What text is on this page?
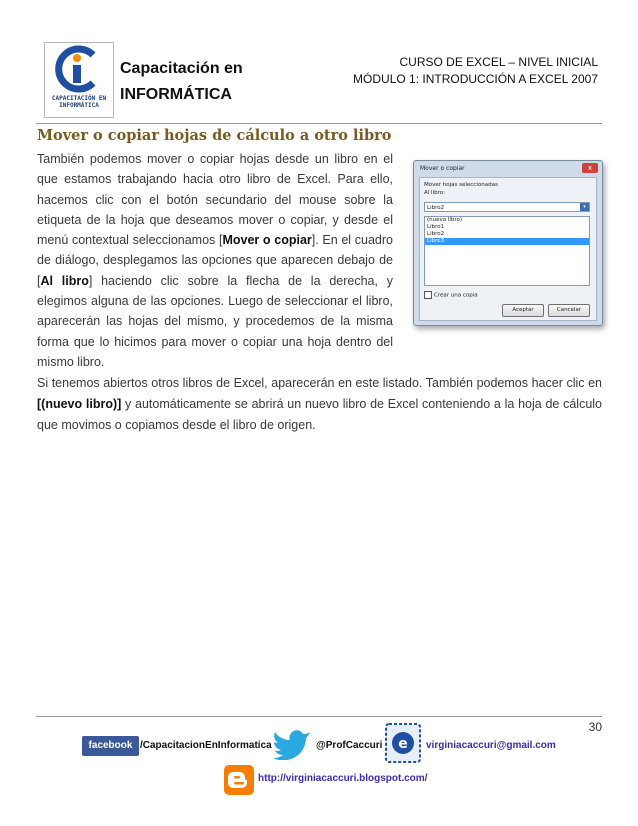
CAPACITACIÓN EN INFORMÁTICA
Capacitación en
INFORMÁTICA
CURSO DE EXCEL – NIVEL INICIAL
MÓDULO 1: INTRODUCCIÓN A EXCEL 2007
Mover o copiar hojas de cálculo a otro libro
También podemos mover o copiar hojas desde un libro en el que estamos trabajando hacia otro libro de Excel. Para ello, hacemos clic con el botón secundario del mouse sobre la etiqueta de la hoja que deseamos mover o copiar, y desde el menú contextual seleccionamos [Mover o copiar]. En el cuadro de diálogo, desplegamos las opciones que aparecen debajo de [Al libro] haciendo clic sobre la flecha de la derecha, y elegimos alguna de las opciones. Luego de seleccionar el libro, aparecerán las hojas del mismo, y procedemos de la misma forma que lo hicimos para mover o copiar una hoja dentro del mismo libro.
Mover o copiar	x
Mover hojas seleccionadas
Al libro:
Libro2	▾
(nuevo libro)
Libro1
Libro2
Libro3
Crear una copia
Aceptar	Cancelar
Si tenemos abiertos otros libros de Excel, aparecerán en este listado. También podemos hacer clic en [(nuevo libro)] y automáticamente se abrirá un nuevo libro de Excel conteniendo a la hoja de cálculo que movimos o copiamos desde el libro de origen.
30
facebook /CapacitacionEnInformatica	@ProfCaccuri e virginiacaccuri@gmail.com
http://virginiacaccuri.blogspot.com/
